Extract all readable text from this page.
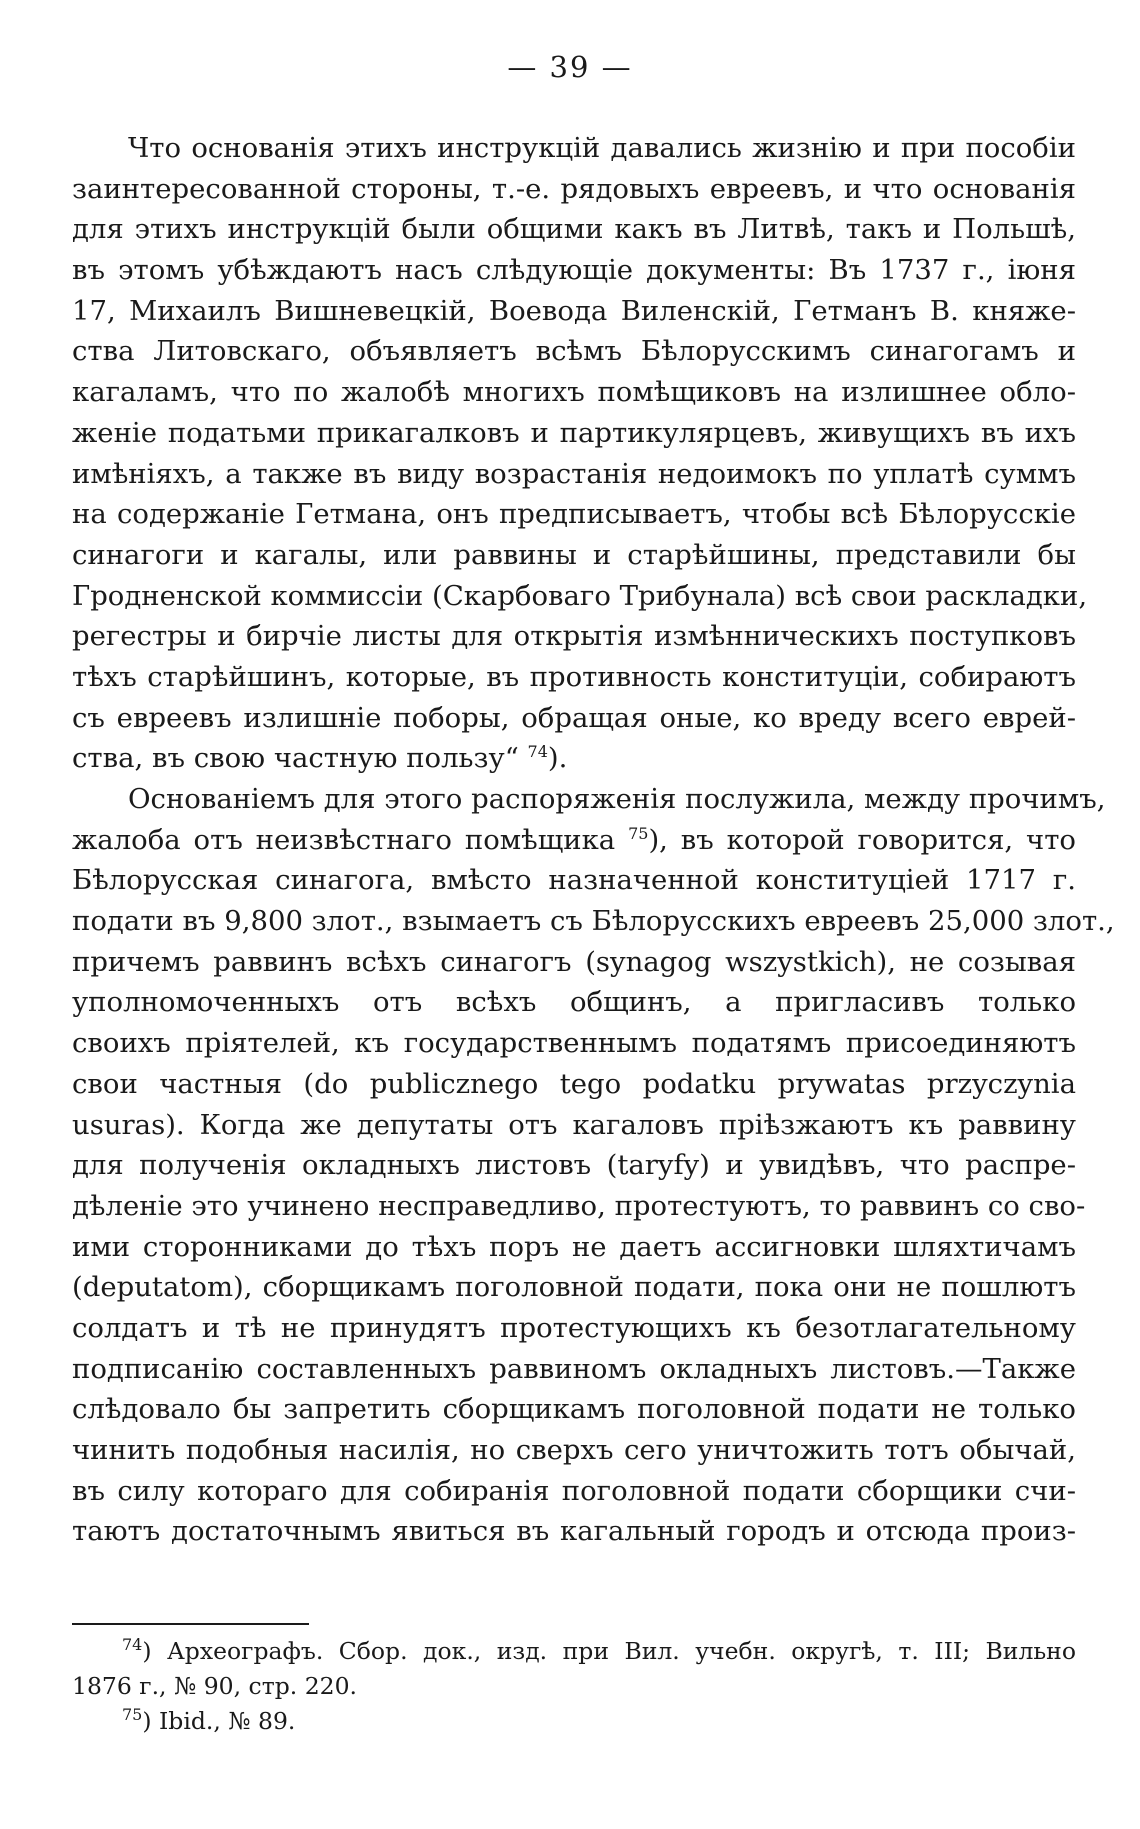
— 39 —
Что основанія этихъ инструкцій давались жизнію и при пособіи
заинтересованной стороны, т.-е. рядовыхъ евреевъ, и что основанія
для этихъ инструкцій были общими какъ въ Литвѣ, такъ и Польшѣ,
въ этомъ убѣждаютъ насъ слѣдующіе документы: Въ 1737 г., іюня
17, Михаилъ Вишневецкій, Воевода Виленскій, Гетманъ В. княже-
ства Литовскаго, объявляетъ всѣмъ Бѣлорусскимъ синагогамъ и
кагаламъ, что по жалобѣ многихъ помѣщиковъ на излишнее обло-
женіе податьми прикагалковъ и партикулярцевъ, живущихъ въ ихъ
имѣніяхъ, а также въ виду возрастанія недоимокъ по уплатѣ суммъ
на содержаніе Гетмана, онъ предписываетъ, чтобы всѣ Бѣлорусскіе
синагоги и кагалы, или раввины и старѣйшины, представили бы
Гродненской коммиссіи (Скарбоваго Трибунала) всѣ свои раскладки,
регестры и бирчіе листы для открытія измѣнническихъ поступковъ
тѣхъ старѣйшинъ, которые, въ противность конституціи, собираютъ
съ евреевъ излишніе поборы, обращая оные, ко вреду всего еврей-
ства, въ свою частную пользу“ $^{74}$).
Основаніемъ для этого распоряженія послужила, между прочимъ,
жалоба отъ неизвѣстнаго помѣщика $^{75}$), въ которой говорится, что
Бѣлорусская синагога, вмѣсто назначенной конституціей 1717 г.
подати въ 9,800 злот., взымаетъ съ Бѣлорусскихъ евреевъ 25,000 злот.,
причемъ раввинъ всѣхъ синагогъ (synagog wszystkich), не созывая
уполномоченныхъ отъ всѣхъ общинъ, а пригласивъ только
своихъ пріятелей, къ государственнымъ податямъ присоединяютъ
свои частныя (do publicznego tego podatku prywatas przyczynia
usuras). Когда же депутаты отъ кагаловъ пріѣзжаютъ къ раввину
для полученія окладныхъ листовъ (taryfy) и увидѣвъ, что распре-
дѣленіе это учинено несправедливо, протестуютъ, то раввинъ со сво-
ими сторонниками до тѣхъ поръ не даетъ ассигновки шляхтичамъ
(deputatom), сборщикамъ поголовной подати, пока они не пошлютъ
солдатъ и тѣ не принудятъ протестующихъ къ безотлагательному
подписанію составленныхъ раввиномъ окладныхъ листовъ.—Также
слѣдовало бы запретить сборщикамъ поголовной подати не только
чинить подобныя насилія, но сверхъ сего уничтожить тотъ обычай,
въ силу котораго для собиранія поголовной подати сборщики счи-
таютъ достаточнымъ явиться въ кагальный городъ и отсюда произ-
$^{74}$) Археографъ. Сбор. док., изд. при Вил. учебн. округѣ, т. III; Вильно
1876 г., № 90, стр. 220.
$^{75}$) Ibid., № 89.
